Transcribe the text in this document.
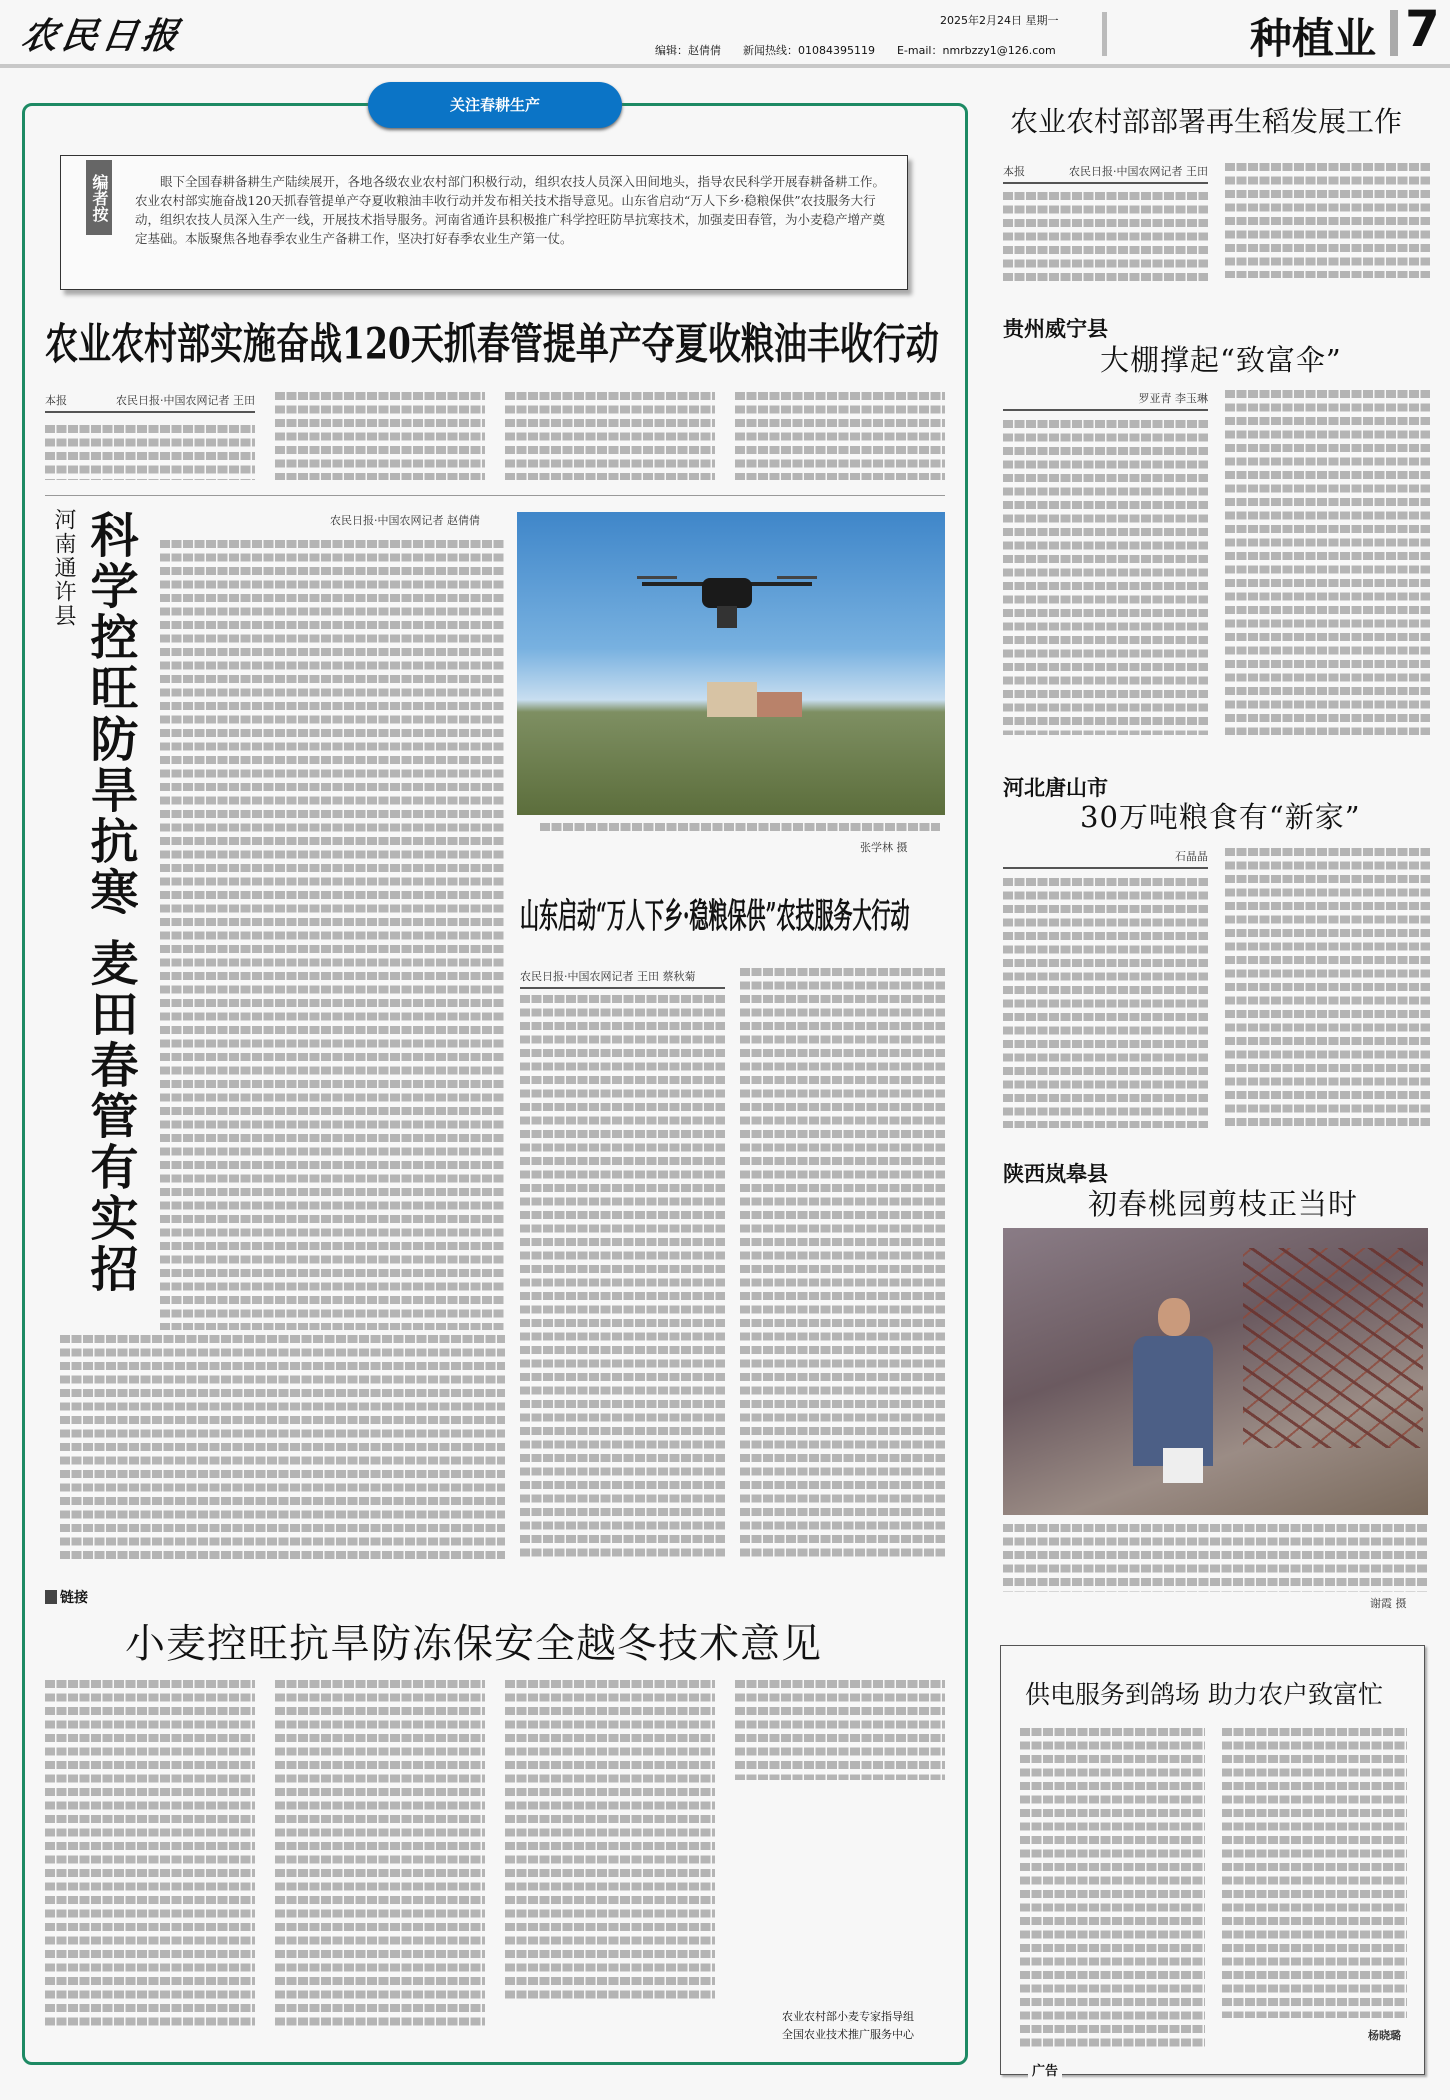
农民日报	2025年2月24日 星期一
编辑：赵倩倩 新闻热线：01084395119 E-mail：nmrbzzy1@126.com	种植业 7
关注春耕生产
编者按	眼下全国春耕备耕生产陆续展开，各地各级农业农村部门积极行动，组织农技人员深入田间地头，指导农民科学开展春耕备耕工作。农业农村部实施奋战120天抓春管提单产夺夏收粮油丰收行动并发布相关技术指导意见。山东省启动“万人下乡·稳粮保供”农技服务大行动，组织农技人员深入生产一线，开展技术指导服务。河南省通许县积极推广科学控旺防旱抗寒技术，加强麦田春管，为小麦稳产增产奠定基础。本版聚焦各地春季农业生产备耕工作，坚决打好春季农业生产第一仗。
农业农村部实施奋战120天抓春管提单产夺夏收粮油丰收行动
本报	农民日报·中国农网记者 王田
河南通许县 科学控旺防旱抗寒 麦田春管有实招	农民日报·中国农网记者 赵倩倩
张学林 摄
山东启动“万人下乡·稳粮保供”农技服务大行动
农民日报·中国农网记者 王田 蔡秋菊
链接
小麦控旺抗旱防冻保安全越冬技术意见
农业农村部小麦专家指导组
全国农业技术推广服务中心
农业农村部部署再生稻发展工作
本报	农民日报·中国农网记者 王田
贵州威宁县
大棚撑起“致富伞”
罗亚青 李玉琳
河北唐山市
30万吨粮食有“新家”
石晶晶
陕西岚皋县
初春桃园剪枝正当时
谢霞 摄
供电服务到鸽场 助力农户致富忙
杨晓璐
广告
